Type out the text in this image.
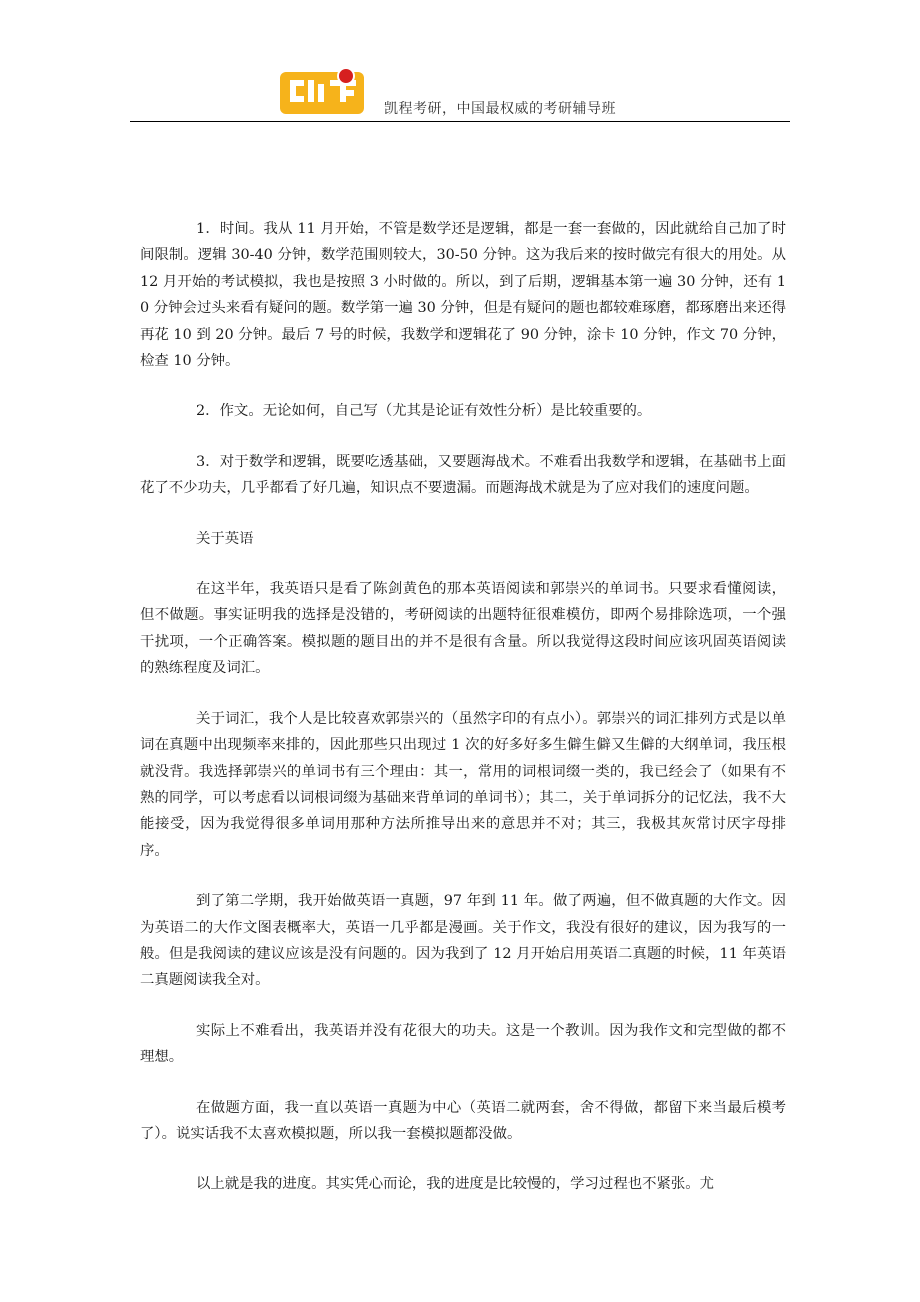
凯程考研，中国最权威的考研辅导班

1．时间。我从 11 月开始，不管是数学还是逻辑，都是一套一套做的，因此就给自己加了时间限制。逻辑 30-40 分钟，数学范围则较大，30-50 分钟。这为我后来的按时做完有很大的用处。从 12 月开始的考试模拟，我也是按照 3 小时做的。所以，到了后期，逻辑基本第一遍 30 分钟，还有 10 分钟会过头来看有疑问的题。数学第一遍 30 分钟，但是有疑问的题也都较难琢磨，都琢磨出来还得再花 10 到 20 分钟。最后 7 号的时候，我数学和逻辑花了 90 分钟，涂卡 10 分钟，作文 70 分钟，检查 10 分钟。

2．作文。无论如何，自己写（尤其是论证有效性分析）是比较重要的。

3．对于数学和逻辑，既要吃透基础，又要题海战术。不难看出我数学和逻辑，在基础书上面花了不少功夫，几乎都看了好几遍，知识点不要遗漏。而题海战术就是为了应对我们的速度问题。

关于英语

在这半年，我英语只是看了陈剑黄色的那本英语阅读和郭崇兴的单词书。只要求看懂阅读，但不做题。事实证明我的选择是没错的，考研阅读的出题特征很难模仿，即两个易排除选项，一个强干扰项，一个正确答案。模拟题的题目出的并不是很有含量。所以我觉得这段时间应该巩固英语阅读的熟练程度及词汇。

关于词汇，我个人是比较喜欢郭崇兴的（虽然字印的有点小）。郭崇兴的词汇排列方式是以单词在真题中出现频率来排的，因此那些只出现过 1 次的好多好多生僻生僻又生僻的大纲单词，我压根就没背。我选择郭崇兴的单词书有三个理由：其一，常用的词根词缀一类的，我已经会了（如果有不熟的同学，可以考虑看以词根词缀为基础来背单词的单词书）；其二，关于单词拆分的记忆法，我不大能接受，因为我觉得很多单词用那种方法所推导出来的意思并不对；其三，我极其灰常讨厌字母排序。

到了第二学期，我开始做英语一真题，97 年到 11 年。做了两遍，但不做真题的大作文。因为英语二的大作文图表概率大，英语一几乎都是漫画。关于作文，我没有很好的建议，因为我写的一般。但是我阅读的建议应该是没有问题的。因为我到了 12 月开始启用英语二真题的时候，11 年英语二真题阅读我全对。

实际上不难看出，我英语并没有花很大的功夫。这是一个教训。因为我作文和完型做的都不理想。

在做题方面，我一直以英语一真题为中心（英语二就两套，舍不得做，都留下来当最后模考了）。说实话我不太喜欢模拟题，所以我一套模拟题都没做。

以上就是我的进度。其实凭心而论，我的进度是比较慢的，学习过程也不紧张。尤
